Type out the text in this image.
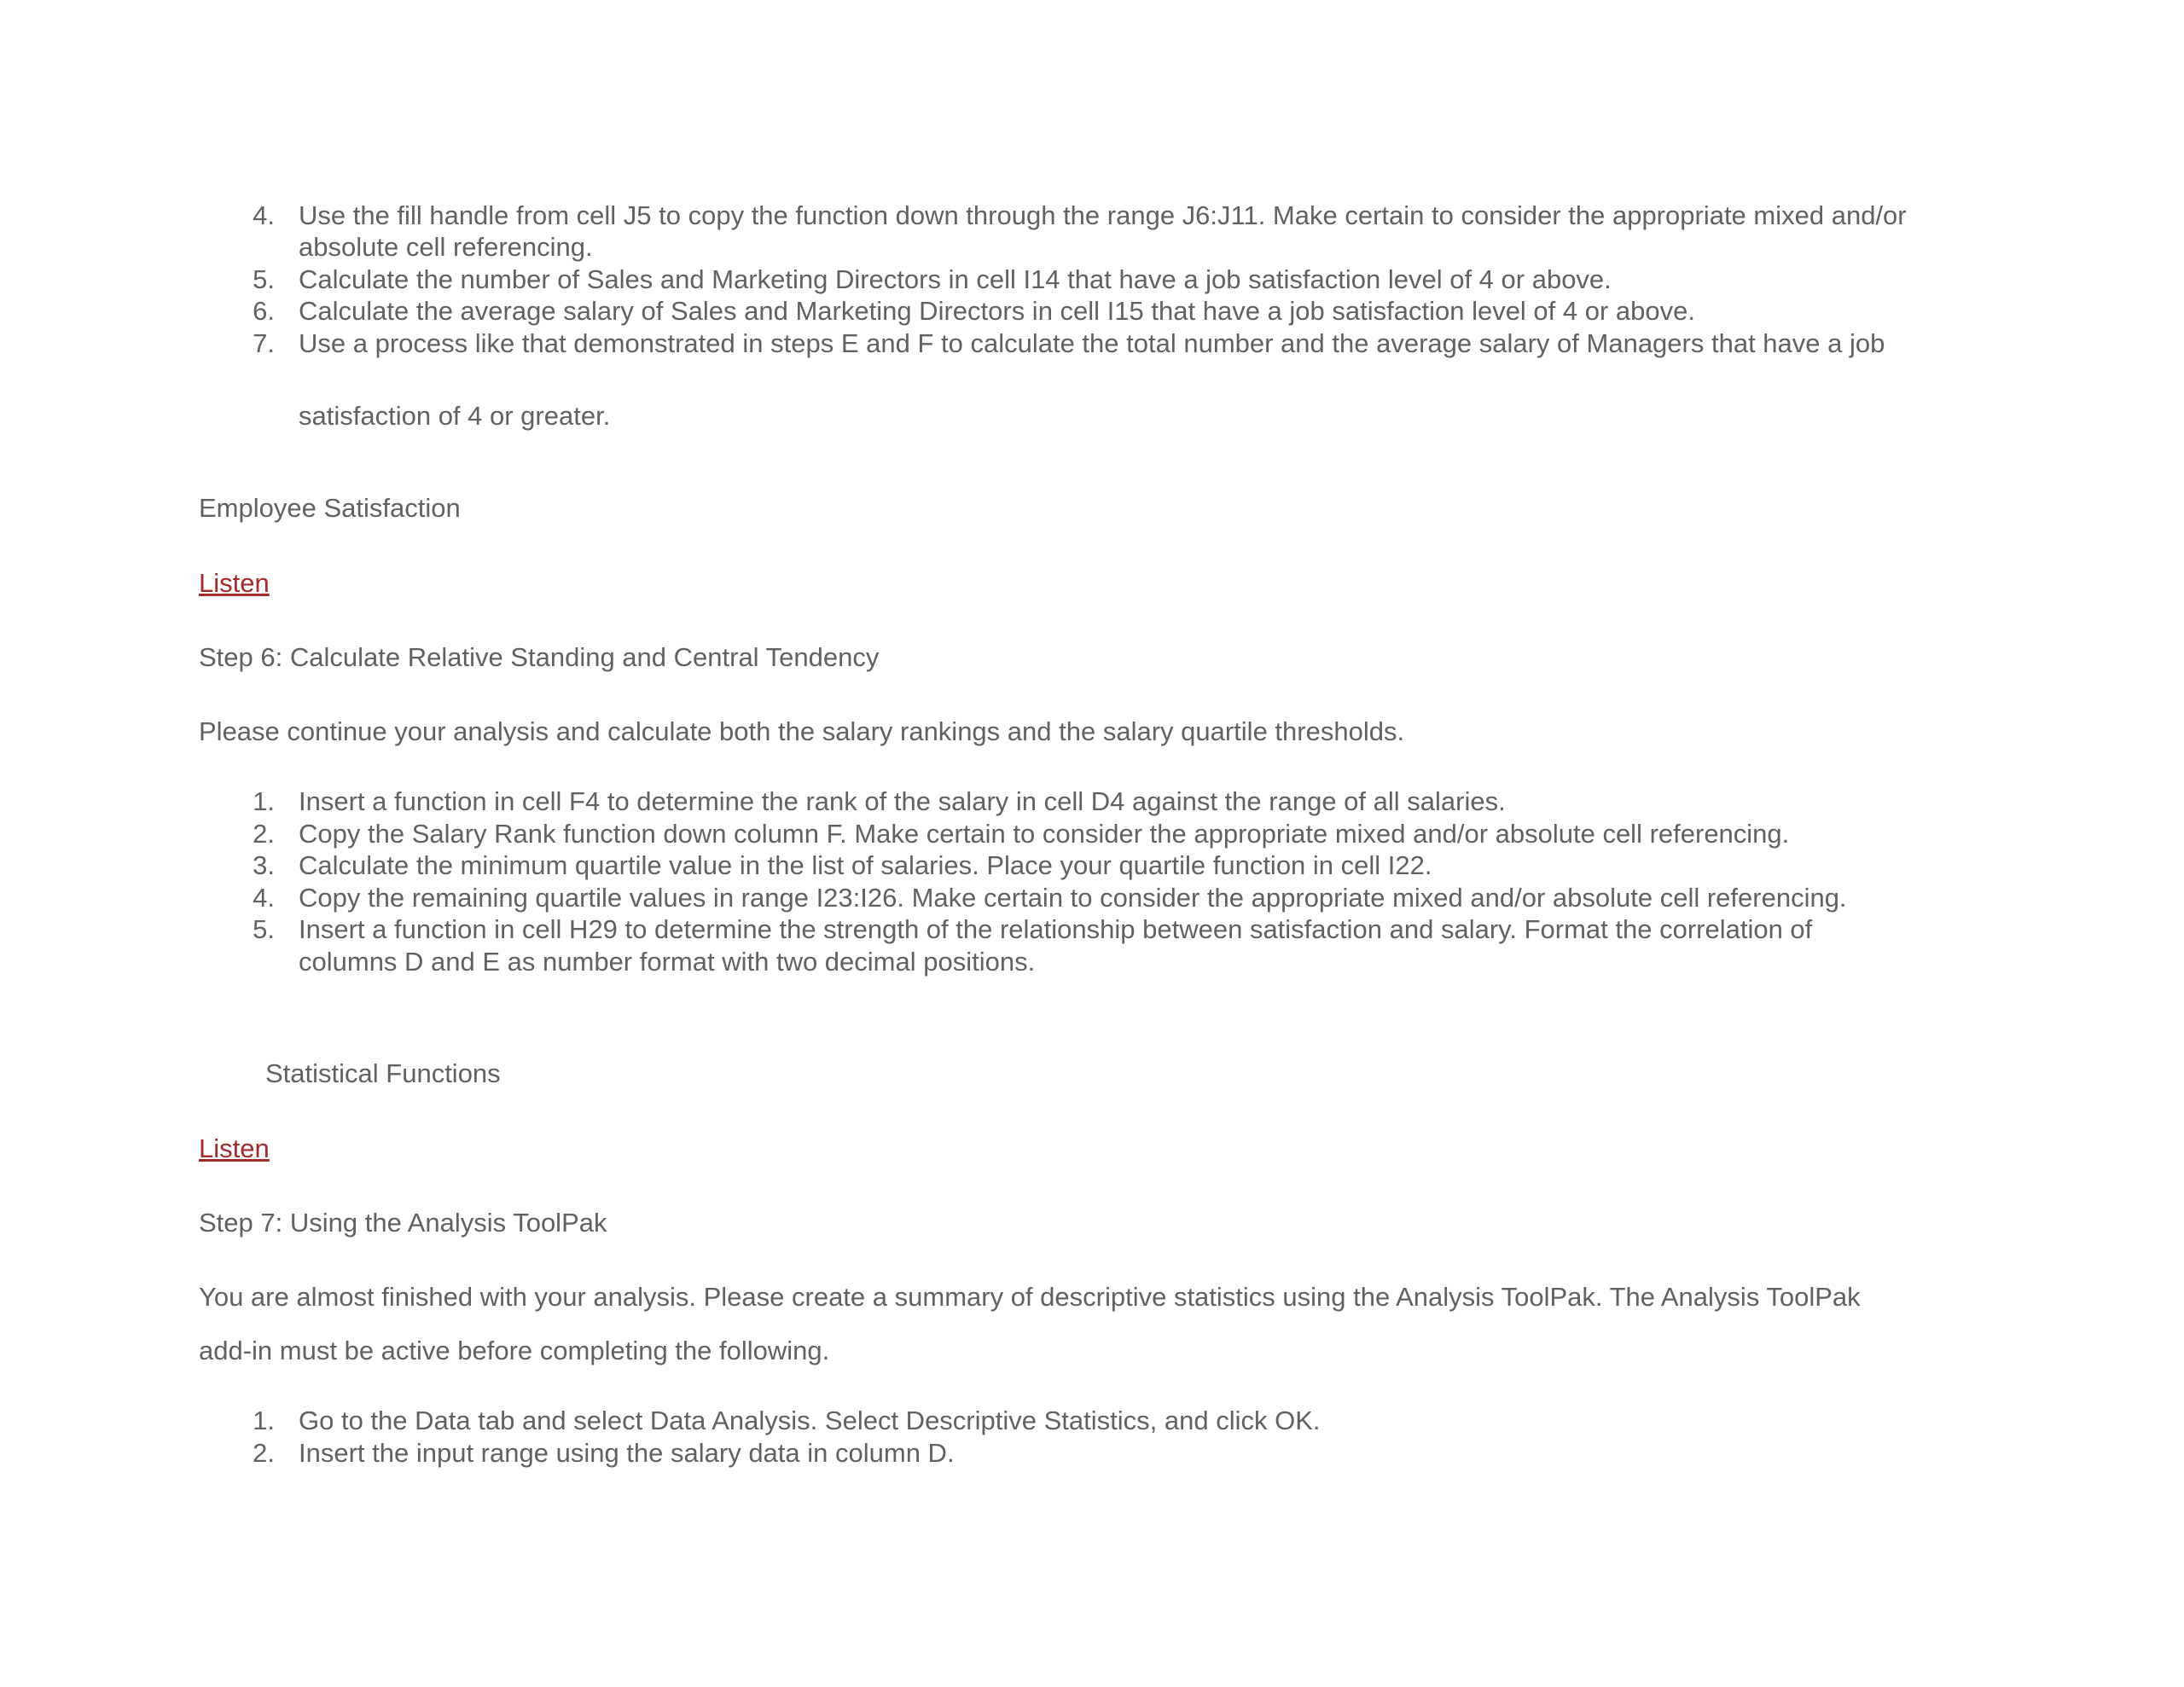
4. Use the fill handle from cell J5 to copy the function down through the range J6:J11. Make certain to consider the appropriate mixed and/or
absolute cell referencing.
5. Calculate the number of Sales and Marketing Directors in cell I14 that have a job satisfaction level of 4 or above.
6. Calculate the average salary of Sales and Marketing Directors in cell I15 that have a job satisfaction level of 4 or above.
7. Use a process like that demonstrated in steps E and F to calculate the total number and the average salary of Managers that have a job
satisfaction of 4 or greater.
Employee Satisfaction
Listen
Step 6: Calculate Relative Standing and Central Tendency
Please continue your analysis and calculate both the salary rankings and the salary quartile thresholds.
1. Insert a function in cell F4 to determine the rank of the salary in cell D4 against the range of all salaries.
2. Copy the Salary Rank function down column F. Make certain to consider the appropriate mixed and/or absolute cell referencing.
3. Calculate the minimum quartile value in the list of salaries. Place your quartile function in cell I22.
4. Copy the remaining quartile values in range I23:I26. Make certain to consider the appropriate mixed and/or absolute cell referencing.
5. Insert a function in cell H29 to determine the strength of the relationship between satisfaction and salary. Format the correlation of
columns D and E as number format with two decimal positions.
Statistical Functions
Listen
Step 7: Using the Analysis ToolPak
You are almost finished with your analysis. Please create a summary of descriptive statistics using the Analysis ToolPak. The Analysis ToolPak
add-in must be active before completing the following.
1. Go to the Data tab and select Data Analysis. Select Descriptive Statistics, and click OK.
2. Insert the input range using the salary data in column D.
